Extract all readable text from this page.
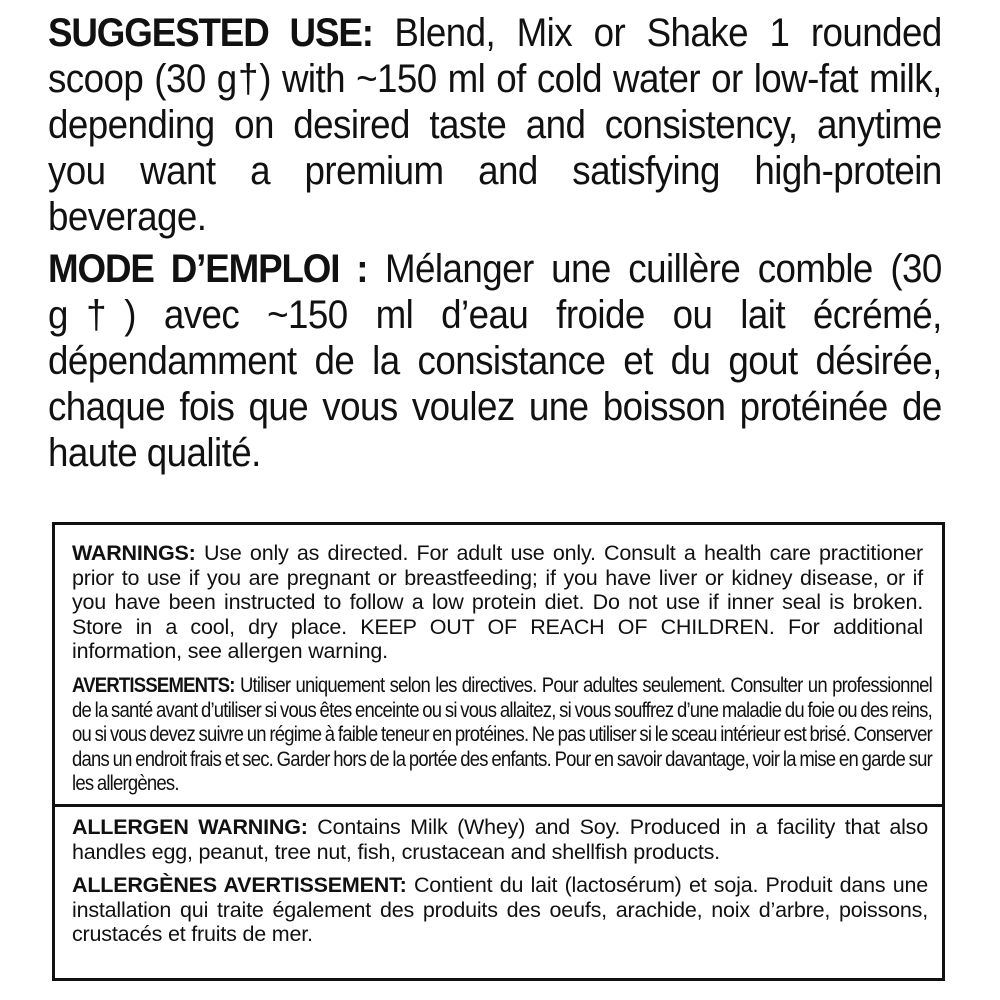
SUGGESTED USE: Blend, Mix or Shake 1 rounded scoop (30 g†) with ~150 ml of cold water or low-fat milk, depending on desired taste and consistency, anytime you want a premium and satisfying high-protein beverage.

MODE D’EMPLOI : Mélanger une cuillère comble (30 g†) avec ~150 ml d’eau froide ou lait écrémé, dépendamment de la consistance et du gout désirée, chaque fois que vous voulez une boisson protéinée de haute qualité.

WARNINGS: Use only as directed. For adult use only. Consult a health care practitioner prior to use if you are pregnant or breastfeeding; if you have liver or kidney disease, or if you have been instructed to follow a low protein diet. Do not use if inner seal is broken. Store in a cool, dry place. KEEP OUT OF REACH OF CHILDREN. For additional information, see allergen warning.

AVERTISSEMENTS: Utiliser uniquement selon les directives. Pour adultes seulement. Consulter un professionnel de la santé avant d’utiliser si vous êtes enceinte ou si vous allaitez, si vous souffrez d’une maladie du foie ou des reins, ou si vous devez suivre un régime à faible teneur en protéines. Ne pas utiliser si le sceau intérieur est brisé. Conserver dans un endroit frais et sec. Garder hors de la portée des enfants. Pour en savoir davantage, voir la mise en garde sur les allergènes.

ALLERGEN WARNING: Contains Milk (Whey) and Soy. Produced in a facility that also handles egg, peanut, tree nut, fish, crustacean and shellfish products.

ALLERGÈNES AVERTISSEMENT: Contient du lait (lactosérum) et soja. Produit dans une installation qui traite également des produits des oeufs, arachide, noix d’arbre, poissons, crustacés et fruits de mer.
